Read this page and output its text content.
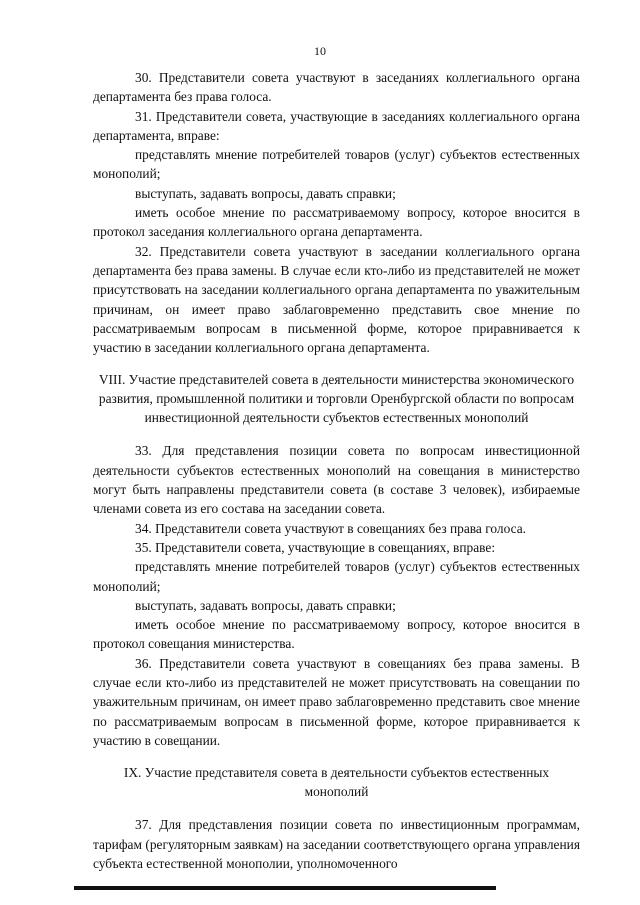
10

30. Представители совета участвуют в заседаниях коллегиального органа департамента без права голоса.

31. Представители совета, участвующие в заседаниях коллегиального органа департамента, вправе:

представлять мнение потребителей товаров (услуг) субъектов естественных монополий;

выступать, задавать вопросы, давать справки;

иметь особое мнение по рассматриваемому вопросу, которое вносится в протокол заседания коллегиального органа департамента.

32. Представители совета участвуют в заседании коллегиального органа департамента без права замены. В случае если кто-либо из представителей не может присутствовать на заседании коллегиального органа департамента по уважительным причинам, он имеет право заблаговременно представить свое мнение по рассматриваемым вопросам в письменной форме, которое приравнивается к участию в заседании коллегиального органа департамента.

VIII. Участие представителей совета в деятельности министерства экономического развития, промышленной политики и торговли Оренбургской области по вопросам инвестиционной деятельности субъектов естественных монополий

33. Для представления позиции совета по вопросам инвестиционной деятельности субъектов естественных монополий на совещания в министерство могут быть направлены представители совета (в составе 3 человек), избираемые членами совета из его состава на заседании совета.

34. Представители совета участвуют в совещаниях без права голоса.

35. Представители совета, участвующие в совещаниях, вправе:

представлять мнение потребителей товаров (услуг) субъектов естественных монополий;

выступать, задавать вопросы, давать справки;

иметь особое мнение по рассматриваемому вопросу, которое вносится в протокол совещания министерства.

36. Представители совета участвуют в совещаниях без права замены. В случае если кто-либо из представителей не может присутствовать на совещании по уважительным причинам, он имеет право заблаговременно представить свое мнение по рассматриваемым вопросам в письменной форме, которое приравнивается к участию в совещании.

IX. Участие представителя совета в деятельности субъектов естественных монополий

37. Для представления позиции совета по инвестиционным программам, тарифам (регуляторным заявкам) на заседании соответствующего органа управления субъекта естественной монополии, уполномоченного
